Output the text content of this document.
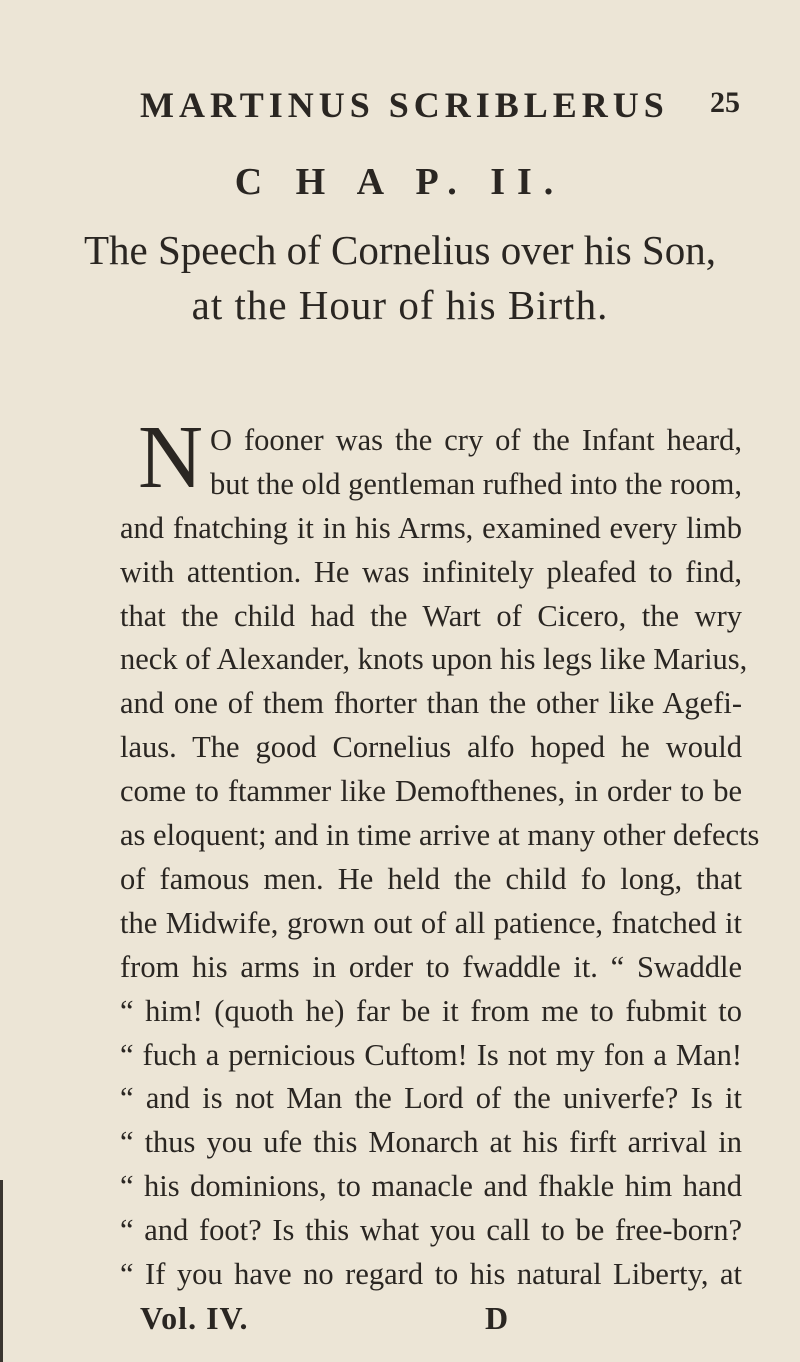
MARTINUS SCRIBLERUS 25
C H A P. II.
The Speech of Cornelius over his Son,
at the Hour of his Birth.
N O fooner was the cry of the Infant heard,
but the old gentleman rufhed into the room,
and fnatching it in his Arms, examined every limb
with attention. He was infinitely pleafed to find,
that the child had the Wart of Cicero, the wry
neck of Alexander, knots upon his legs like Marius,
and one of them fhorter than the other like Agefi-
laus. The good Cornelius alfo hoped he would
come to ftammer like Demofthenes, in order to be
as eloquent; and in time arrive at many other defects
of famous men. He held the child fo long, that
the Midwife, grown out of all patience, fnatched it
from his arms in order to fwaddle it. “ Swaddle
“ him! (quoth he) far be it from me to fubmit to
“ fuch a pernicious Cuftom! Is not my fon a Man!
“ and is not Man the Lord of the univerfe? Is it
“ thus you ufe this Monarch at his firft arrival in
“ his dominions, to manacle and fhakle him hand
“ and foot? Is this what you call to be free-born?
“ If you have no regard to his natural Liberty, at
Vol. IV.	D
